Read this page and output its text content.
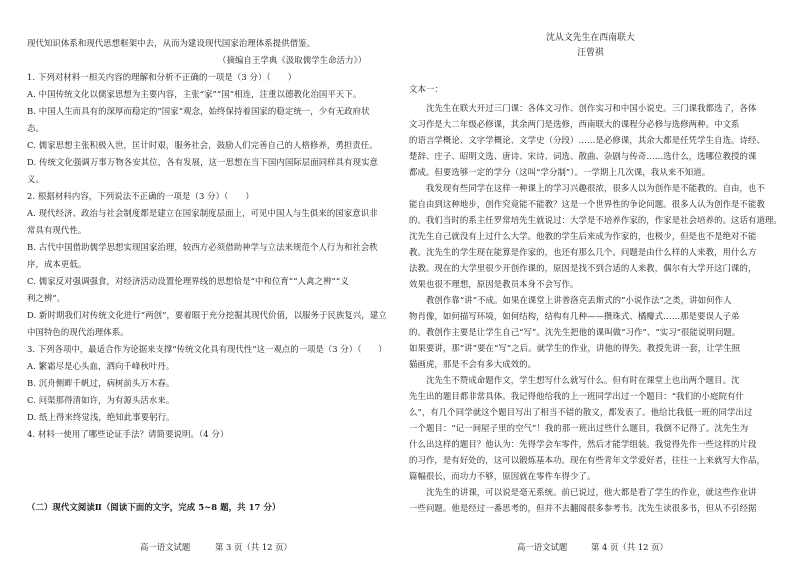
现代知识体系和现代思想框架中去，从而为建设现代国家治理体系提供借鉴。
（摘编自王学典《汲取儒学生命活力》）
1. 下列对材料一相关内容的理解和分析不正确的一项是（3 分）（　　）
A. 中国传统文化以儒家思想为主要内容，主张“家”“国”相连，注重以德教化治国平天下。
B. 中国人生而具有的深厚而稳定的“国家”观念，始终保持着国家的稳定统一，少有无政府状
态。
C. 儒家思想主张积极入世，匡计时艰，服务社会，鼓励人们完善自己的人格修养，勇担责任。
D. 传统文化强调万事万物各安其位，各有发展，这一思想在当下国内国际层面同样具有现实意
义。
2. 根据材料内容，下列说法不正确的一项是（3 分）（　　）
A. 现代经济、政治与社会制度都是建立在国家制度层面上，可见中国人与生俱来的国家意识非
常具有现代性。
B. 古代中国借助儒学思想实现国家治理，较西方必须借助神学与立法来规范个人行为和社会秩
序，成本更低。
C. 儒家反对强调强食，对经济活动设置伦理界线的思想恰是“中和位育”“人禽之辨”“义
利之辨”。
D. 新时期我们对传统文化进行“两创”，要着眼于充分挖掘其现代价值，以服务于民族复兴，建立
中国特色的现代治理体系。
3. 下列各项中，最适合作为论据来支撑“传统文化具有现代性”这一观点的一项是（3 分）（　　）
A. 繁霜尽是心头血，洒向千峰秋叶丹。
B. 沉舟侧畔千帆过，病树前头万木春。
C. 问渠那得清如许，为有源头活水来。
D. 纸上得来终觉浅，绝知此事要躬行。
4. 材料一使用了哪些论证手法？请简要说明。（4 分）
（二）现代文阅读Ⅱ（阅读下面的文字，完成 5~8 题，共 17 分）
高一语文试题	第 3 页（共 12 页）
沈从文先生在西南联大
汪曾祺
文本一：
　　沈先生在联大开过三门课：各体文习作、创作实习和中国小说史。三门课我都选了，各体
文习作是大二年级必修课，其余两门是选修，西南联大的课程分必修与选修两种。中文系
的语言学概论、文字学概论、文学史（分段）……是必修课，其余大都是任凭学生自选。诗经、
楚辞、庄子、昭明文选、唐诗、宋诗、词选、散曲、杂剧与传奇……选什么，选哪位教授的课
都成。但要选够一定的学分（这叫“学分制”）。一学期上几次课，我从来不知道。
　　我发现有些同学在这样一种课上的学习兴趣很浓，很多人以为创作是不能教的。自由，也不
能自由到这种地步，创作究竟能不能教？这是一个世界性的争论问题。很多人认为创作是不能教
的。我们当时的系主任罗常培先生就说过：大学是不培养作家的，作家是社会培养的。这话有道理。
沈先生自己就没有上过什么大学。他教的学生后来成为作家的，也极少，但是也不是绝对不能
教。沈先生的学生现在能算是作家的，也还有那么几个。问题是由什么样的人来教，用什么方
法教。现在的大学里很少开创作课的，原因是找不到合适的人来教，偶尔有大学开这门课的，
效果也很不理想，原因是教员本身不会写作。
　　教创作靠“讲”不成。如果在课堂上讲普洛克丢斯式的“小说作法”之类，讲如何作人
物肖像，如何描写环境，如何结构，结构有几种——攒珠式、橘瓣式……那是要误人子弟
的。教创作主要是让学生自己“写”。沈先生把他的课叫做“习作”、“实习”很能说明问题。
如果要讲，那“讲”要在“写”之后。就学生的作业，讲他的得失。教授先讲一套，让学生照
猫画虎，那是不会有多大成效的。
　　沈先生不赞成命题作文，学生想写什么就写什么。但有时在课堂上也出两个题目。沈
先生出的题目都非常具体。我记得他给我的上一班同学出过一个题目：“我们的小庭院有什
么”，有几个同学就这个题目写出了相当不错的散文，都发表了。他给比我低一班的同学出过
一个题目：“记一间屋子里的空气”！我的那一班出过些什么题目，我倒不记得了。沈先生为
什么出这样的题目？他认为：先得学会车零件，然后才能学组装。我觉得先作一些这样的片段
的习作，是有好处的，这可以锻炼基本功。现在有些青年文学爱好者，往往一上来就写大作品，
篇幅很长，而功力不够，原因就在零件车得少了。
　　沈先生的讲课，可以说是毫无系统。前已说过，他大都是看了学生的作业，就这些作业讲
一些问题。他是经过一番思考的，但并不去翻阅很多参考书。沈先生读很多书，但从不引经据
高一语文试题	第 4 页（共 12 页）
